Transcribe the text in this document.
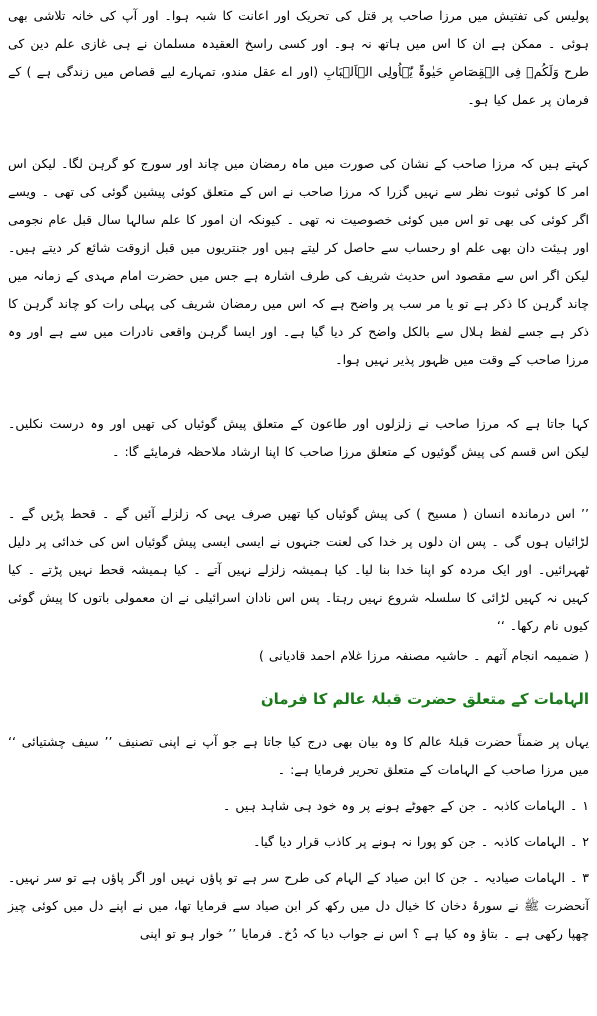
پولیس کی تفتیش میں مرزا صاحب پر قتل کی تحریک اور اعانت کا شبہ ہوا۔ اور آپ کی خانہ تلاشی بھی ہوئی ۔ ممکن ہے ان کا اس میں ہاتھ نہ ہو۔ اور کسی راسخ العقیدہ مسلمان نے ہی غازی علم دین کی طرح وَلَکُمۡ فِی الۡقِصَاصِ حَیٰوۃٌ یّٰۤاُولِی الۡاَلۡبَابِ (اور اے عقل مندو، تمہارے لیے قصاص میں زندگی ہے ) کے فرمان پر عمل کیا ہو۔

کہتے ہیں کہ مرزا صاحب کے نشان کی صورت میں ماہ رمضان میں چاند اور سورج کو گرہن لگا۔ لیکن اس امر کا کوئی ثبوت نظر سے نہیں گزرا کہ مرزا صاحب نے اس کے متعلق کوئی پیشین گوئی کی تھی ۔ ویسے اگر کوئی کی بھی تو اس میں کوئی خصوصیت نہ تھی ۔ کیونکہ ان امور کا علم سالہا سال قبل عام نجومی اور ہیئت دان بھی علم او رحساب سے حاصل کر لیتے ہیں اور جنتریوں میں قبل ازوقت شائع کر دیتے ہیں۔ لیکن اگر اس سے مقصود اس حدیث شریف کی طرف اشارہ ہے جس میں حضرت امام مہدی کے زمانہ میں چاند گرہن کا ذکر ہے تو یا مر سب پر واضح ہے کہ اس میں رمضان شریف کی پہلی رات کو چاند گرہن کا ذکر ہے جسے لفظ ہلال سے بالکل واضح کر دیا گیا ہے۔ اور ایسا گرہن واقعی نادرات میں سے ہے اور وہ مرزا صاحب کے وقت میں ظہور پذیر نہیں ہوا۔

کہا جاتا ہے کہ مرزا صاحب نے زلزلوں اور طاعون کے متعلق پیش گوئیاں کی تھیں اور وہ درست نکلیں۔ لیکن اس قسم کی پیش گوئیوں کے متعلق مرزا صاحب کا اپنا ارشاد ملاحظہ فرمایئے گا: ۔

’’ اس درماندہ انسان ( مسیح ) کی پیش گوئیاں کیا تھیں صرف یہی کہ زلزلے آئیں گے ۔ قحط پڑیں گے ۔ لڑائیاں ہوں گی ۔ پس ان دلوں پر خدا کی لعنت جنہوں نے ایسی ایسی پیش گوئیاں اس کی خدائی پر دلیل ٹھہرائیں۔ اور ایک مردہ کو اپنا خدا بنا لیا۔ کیا ہمیشہ زلزلے نہیں آتے ۔ کیا ہمیشہ قحط نہیں پڑتے ۔ کیا کہیں نہ کہیں لڑائی کا سلسلہ شروع نہیں رہتا۔ پس اس نادان اسرائیلی نے ان معمولی باتوں کا پیش گوئی کیوں نام رکھا۔ ‘‘

( ضمیمہ انجام آتھم ۔ حاشیہ مصنفہ مرزا غلام احمد قادیانی )

الہامات کے متعلق حضرت قبلۂ عالم کا فرمان

یہاں پر ضمناً حضرت قبلۂ عالم کا وہ بیان بھی درج کیا جاتا ہے جو آپ نے اپنی تصنیف ’’ سیف چشتیائی ‘‘ میں مرزا صاحب کے الہامات کے متعلق تحریر فرمایا ہے: ۔

۱ ۔ الہامات کاذبہ ۔ جن کے جھوٹے ہونے پر وہ خود ہی شاہد ہیں ۔

۲ ۔ الہامات کاذبہ ۔ جن کو پورا نہ ہونے پر کاذب قرار دیا گیا۔

۳ ۔ الہامات صیادیہ ۔ جن کا ابن صیاد کے الہام کی طرح سر ہے تو پاؤں نہیں اور اگر پاؤں ہے تو سر نہیں۔ آنحضرت ﷺ نے سورۂ دخان کا خیال دل میں رکھ کر ابن صیاد سے فرمایا تھا، میں نے اپنے دل میں کوئی چیز چھپا رکھی ہے ۔ بتاؤ وہ کیا ہے ؟ اس نے جواب دیا کہ دُخ۔ فرمایا ’’ خوار ہو تو اپنی
